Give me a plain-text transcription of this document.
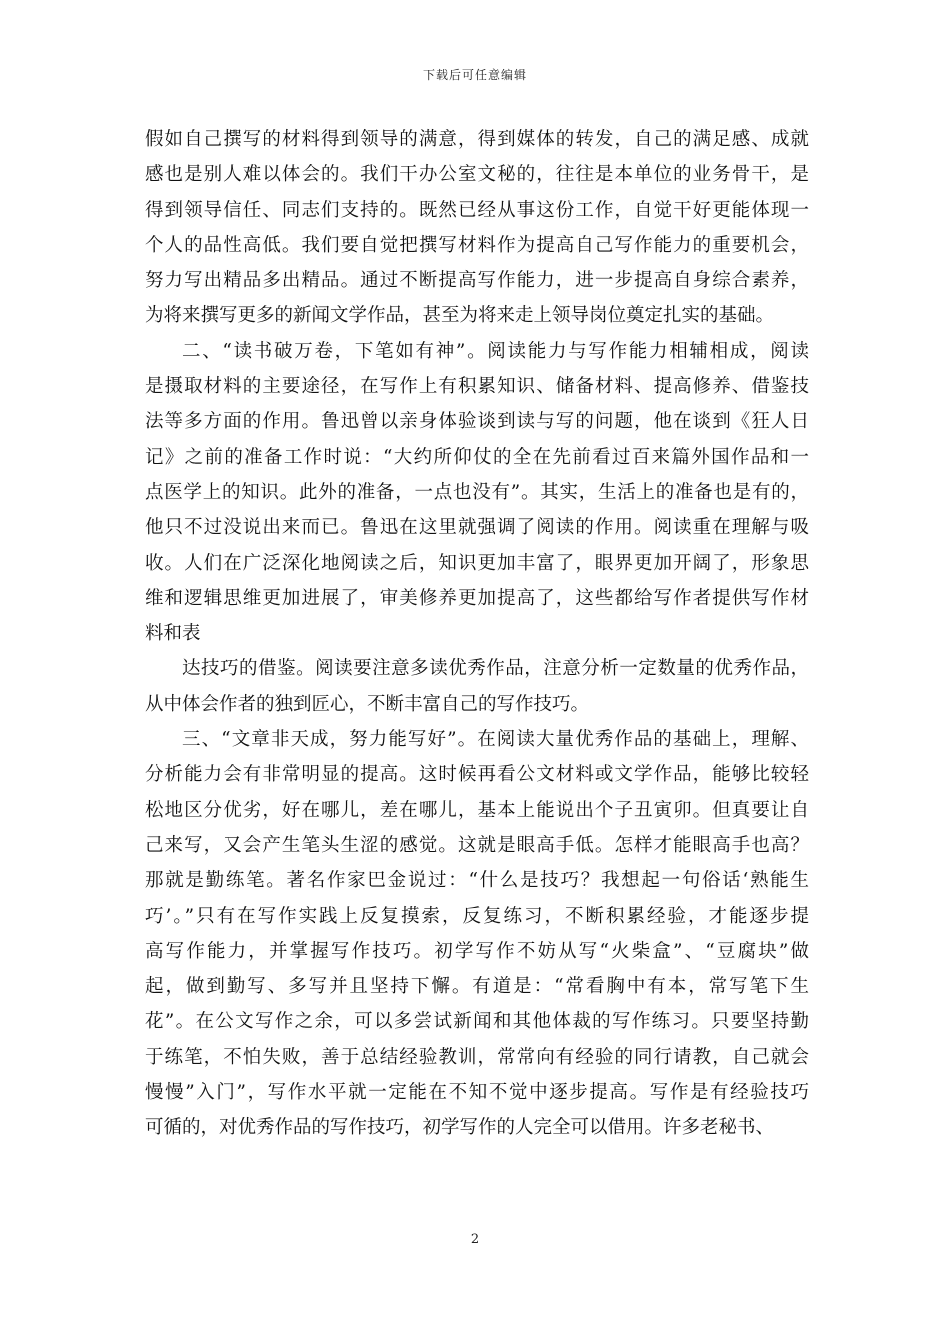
下载后可任意编辑
假如自己撰写的材料得到领导的满意，得到媒体的转发，自己的满足感、成就
感也是别人难以体会的。我们干办公室文秘的，往往是本单位的业务骨干，是
得到领导信任、同志们支持的。既然已经从事这份工作，自觉干好更能体现一
个人的品性高低。我们要自觉把撰写材料作为提高自己写作能力的重要机会，
努力写出精品多出精品。通过不断提高写作能力，进一步提高自身综合素养，
为将来撰写更多的新闻文学作品，甚至为将来走上领导岗位奠定扎实的基础。
二、“读书破万卷，下笔如有神”。阅读能力与写作能力相辅相成，阅读
是摄取材料的主要途径，在写作上有积累知识、储备材料、提高修养、借鉴技
法等多方面的作用。鲁迅曾以亲身体验谈到读与写的问题，他在谈到《狂人日
记》之前的准备工作时说：“大约所仰仗的全在先前看过百来篇外国作品和一
点医学上的知识。此外的准备，一点也没有”。其实，生活上的准备也是有的，
他只不过没说出来而已。鲁迅在这里就强调了阅读的作用。阅读重在理解与吸
收。人们在广泛深化地阅读之后，知识更加丰富了，眼界更加开阔了，形象思
维和逻辑思维更加进展了，审美修养更加提高了，这些都给写作者提供写作材
料和表
达技巧的借鉴。阅读要注意多读优秀作品，注意分析一定数量的优秀作品，
从中体会作者的独到匠心，不断丰富自己的写作技巧。
三、“文章非天成，努力能写好”。在阅读大量优秀作品的基础上，理解、
分析能力会有非常明显的提高。这时候再看公文材料或文学作品，能够比较轻
松地区分优劣，好在哪儿，差在哪儿，基本上能说出个子丑寅卯。但真要让自
己来写，又会产生笔头生涩的感觉。这就是眼高手低。怎样才能眼高手也高？
那就是勤练笔。著名作家巴金说过：“什么是技巧？我想起一句俗话‘熟能生
巧’。”只有在写作实践上反复摸索，反复练习，不断积累经验，才能逐步提
高写作能力，并掌握写作技巧。初学写作不妨从写“火柴盒”、“豆腐块”做
起，做到勤写、多写并且坚持下懈。有道是：“常看胸中有本，常写笔下生
花”。在公文写作之余，可以多尝试新闻和其他体裁的写作练习。只要坚持勤
于练笔，不怕失败，善于总结经验教训，常常向有经验的同行请教，自己就会
慢慢”入门”，写作水平就一定能在不知不觉中逐步提高。写作是有经验技巧
可循的，对优秀作品的写作技巧，初学写作的人完全可以借用。许多老秘书、
2
